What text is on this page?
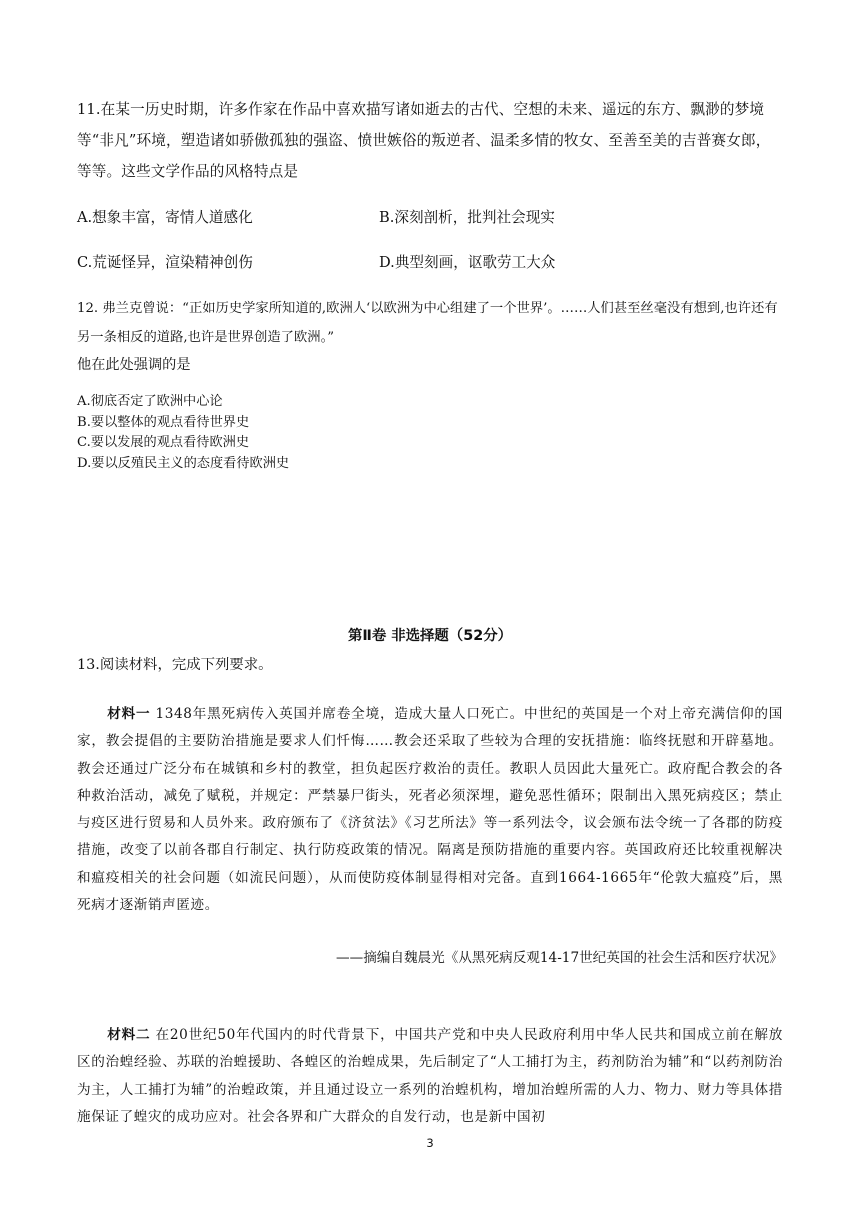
11.在某一历史时期，许多作家在作品中喜欢描写诸如逝去的古代、空想的未来、遥远的东方、飘渺的梦境等“非凡”环境，塑造诸如骄傲孤独的强盗、愤世嫉俗的叛逆者、温柔多情的牧女、至善至美的吉普赛女郎，等等。这些文学作品的风格特点是
A.想象丰富，寄情人道感化	B.深刻剖析，批判社会现实
C.荒诞怪异，渲染精神创伤	D.典型刻画，讴歌劳工大众
12. 弗兰克曾说：“正如历史学家所知道的,欧洲人‘以欧洲为中心组建了一个世界’。……人们甚至丝毫没有想到,也许还有另一条相反的道路,也许是世界创造了欧洲。”
他在此处强调的是
A.彻底否定了欧洲中心论
B.要以整体的观点看待世界史
C.要以发展的观点看待欧洲史
D.要以反殖民主义的态度看待欧洲史
第Ⅱ卷 非选择题（52分）
13.阅读材料，完成下列要求。
材料一 1348年黑死病传入英国并席卷全境，造成大量人口死亡。中世纪的英国是一个对上帝充满信仰的国家，教会提倡的主要防治措施是要求人们忏悔……教会还采取了些较为合理的安抚措施：临终抚慰和开辟墓地。教会还通过广泛分布在城镇和乡村的教堂，担负起医疗救治的责任。教职人员因此大量死亡。政府配合教会的各种救治活动，减免了赋税，并规定：严禁暴尸街头，死者必须深埋，避免恶性循环；限制出入黑死病疫区；禁止与疫区进行贸易和人员外来。政府颁布了《济贫法》《习艺所法》等一系列法令，议会颁布法令统一了各郡的防疫措施，改变了以前各郡自行制定、执行防疫政策的情况。隔离是预防措施的重要内容。英国政府还比较重视解决和瘟疫相关的社会问题（如流民问题），从而使防疫体制显得相对完备。直到1664-1665年“伦敦大瘟疫”后，黑死病才逐渐销声匿迹。
——摘编自魏晨光《从黑死病反观14-17世纪英国的社会生活和医疗状况》
材料二 在20世纪50年代国内的时代背景下，中国共产党和中央人民政府利用中华人民共和国成立前在解放区的治蝗经验、苏联的治蝗援助、各蝗区的治蝗成果，先后制定了“人工捕打为主，药剂防治为辅”和“以药剂防治为主，人工捕打为辅”的治蝗政策，并且通过设立一系列的治蝗机构，增加治蝗所需的人力、物力、财力等具体措施保证了蝗灾的成功应对。社会各界和广大群众的自发行动，也是新中国初
3
